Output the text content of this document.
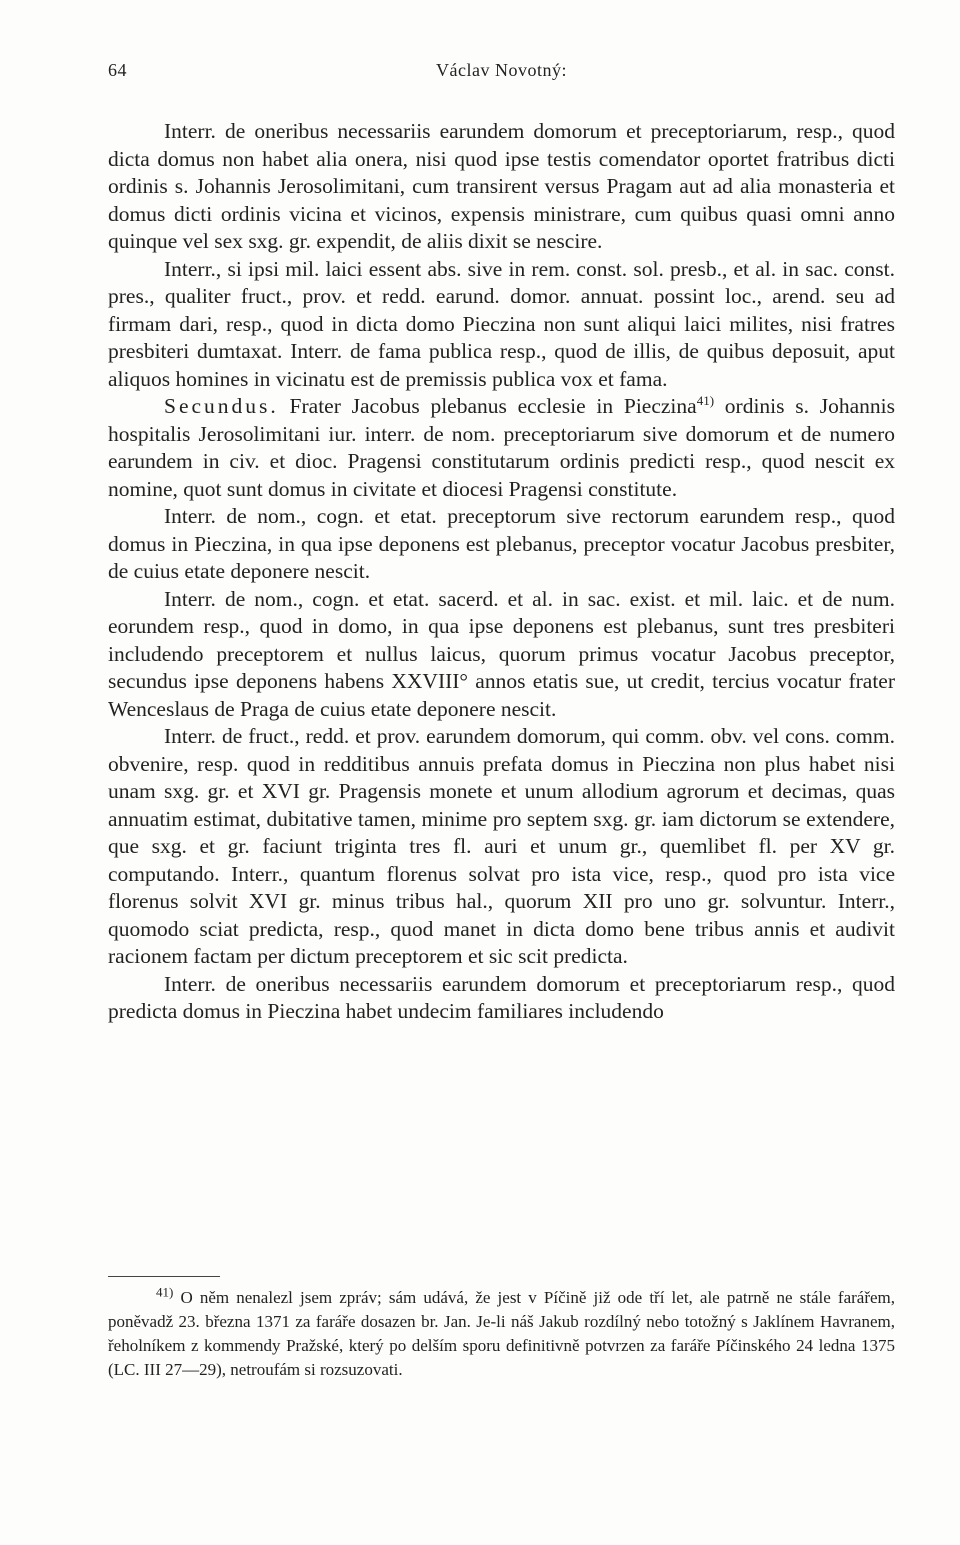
64	Václav Novotný:

Interr. de oneribus necessariis earundem domorum et preceptoriarum, resp., quod dicta domus non habet alia onera, nisi quod ipse testis comendator oportet fratribus dicti ordinis s. Johannis Jerosolimitani, cum transirent versus Pragam aut ad alia monasteria et domus dicti ordinis vicina et vicinos, expensis ministrare, cum quibus quasi omni anno quinque vel sex sxg. gr. expendit, de aliis dixit se nescire.

Interr., si ipsi mil. laici essent abs. sive in rem. const. sol. presb., et al. in sac. const. pres., qualiter fruct., prov. et redd. earund. domor. annuat. possint loc., arend. seu ad firmam dari, resp., quod in dicta domo Pieczina non sunt aliqui laici milites, nisi fratres presbiteri dumtaxat. Interr. de fama publica resp., quod de illis, de quibus deposuit, aput aliquos homines in vicinatu est de premissis publica vox et fama.

Secundus. Frater Jacobus plebanus ecclesie in Pieczina$^{41)}$ ordinis s. Johannis hospitalis Jerosolimitani iur. interr. de nom. preceptoriarum sive domorum et de numero earundem in civ. et dioc. Pragensi constitutarum ordinis predicti resp., quod nescit ex nomine, quot sunt domus in civitate et diocesi Pragensi constitute.

Interr. de nom., cogn. et etat. preceptorum sive rectorum earundem resp., quod domus in Pieczina, in qua ipse deponens est plebanus, preceptor vocatur Jacobus presbiter, de cuius etate deponere nescit.

Interr. de nom., cogn. et etat. sacerd. et al. in sac. exist. et mil. laic. et de num. eorundem resp., quod in domo, in qua ipse deponens est plebanus, sunt tres presbiteri includendo preceptorem et nullus laicus, quorum primus vocatur Jacobus preceptor, secundus ipse deponens habens XXVIII° annos etatis sue, ut credit, tercius vocatur frater Wenceslaus de Praga de cuius etate deponere nescit.

Interr. de fruct., redd. et prov. earundem domorum, qui comm. obv. vel cons. comm. obvenire, resp. quod in redditibus annuis prefata domus in Pieczina non plus habet nisi unam sxg. gr. et XVI gr. Pragensis monete et unum allodium agrorum et decimas, quas annuatim estimat, dubitative tamen, minime pro septem sxg. gr. iam dictorum se extendere, que sxg. et gr. faciunt triginta tres fl. auri et unum gr., quemlibet fl. per XV gr. computando. Interr., quantum florenus solvat pro ista vice, resp., quod pro ista vice florenus solvit XVI gr. minus tribus hal., quorum XII pro uno gr. solvuntur. Interr., quomodo sciat predicta, resp., quod manet in dicta domo bene tribus annis et audivit racionem factam per dictum preceptorem et sic scit predicta.

Interr. de oneribus necessariis earundem domorum et preceptoriarum resp., quod predicta domus in Pieczina habet undecim familiares includendo

$^{41)}$ O něm nenalezl jsem zpráv; sám udává, že jest v Píčině již ode tří let, ale patrně ne stále farářem, poněvadž 23. března 1371 za faráře dosazen br. Jan. Je-li náš Jakub rozdílný nebo totožný s Jaklínem Havranem, řeholníkem z kommendy Pražské, který po delším sporu definitivně potvrzen za faráře Píčinského 24 ledna 1375 (LC. III 27—29), netroufám si rozsuzovati.
